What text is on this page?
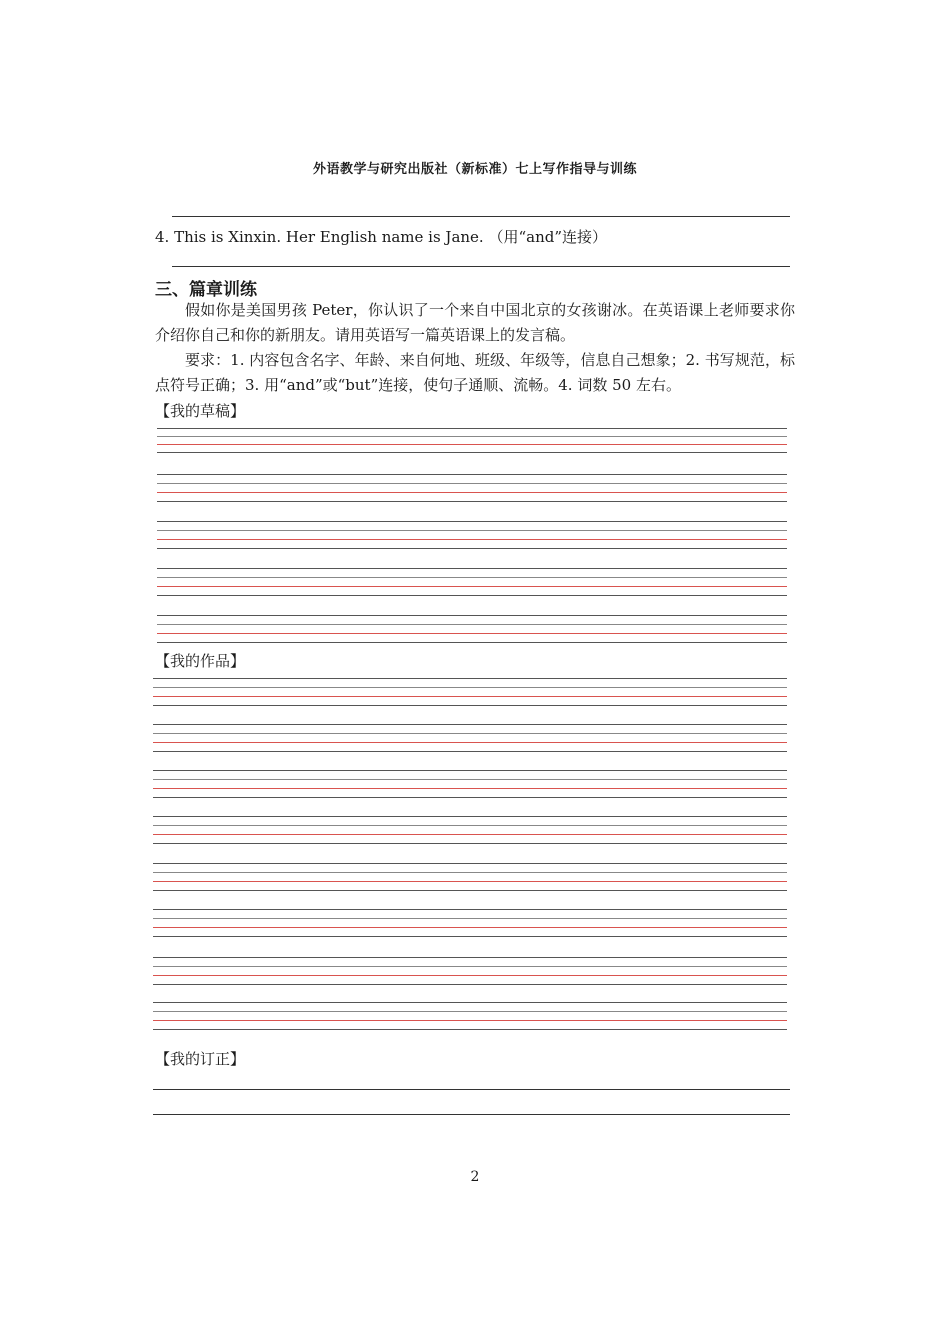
外语教学与研究出版社（新标准）七上写作指导与训练
4. This is Xinxin. Her English name is Jane. （用“and”连接）
三、篇章训练
假如你是美国男孩 Peter，你认识了一个来自中国北京的女孩谢冰。在英语课上老师要求你介绍你自己和你的新朋友。请用英语写一篇英语课上的发言稿。
要求：1. 内容包含名字、年龄、来自何地、班级、年级等，信息自己想象；2. 书写规范，标点符号正确；3. 用“and”或“but”连接，使句子通顺、流畅。4. 词数 50 左右。
【我的草稿】
【我的作品】
【我的订正】
2
